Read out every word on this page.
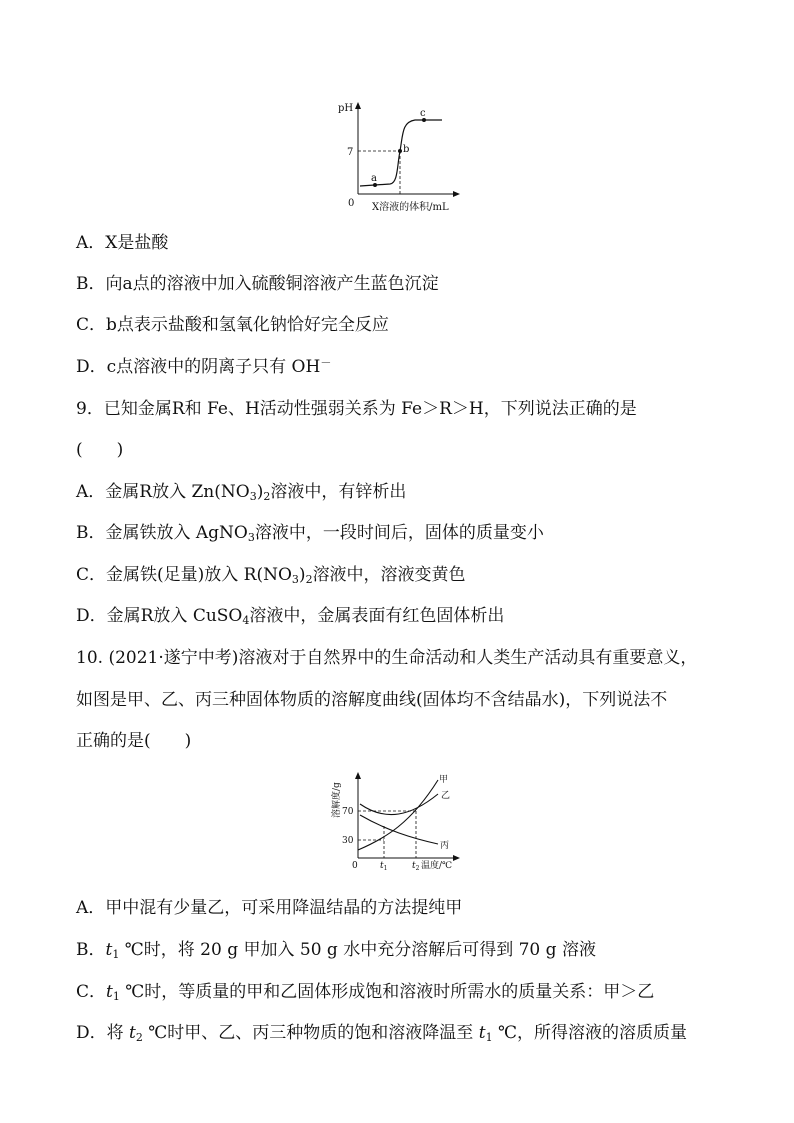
pH
7
0 X溶液的体积/mL
a
b
c
A．X是盐酸
B．向a点的溶液中加入硫酸铜溶液产生蓝色沉淀
C．b点表示盐酸和氢氧化钠恰好完全反应
D．c点溶液中的阴离子只有 OH－
9．已知金属R和 Fe、H活动性强弱关系为 Fe＞R＞H，下列说法正确的是
(　　)
A．金属R放入 $Zn(NO_3)_2$溶液中，有锌析出
B．金属铁放入 AgNO$_3$溶液中，一段时间后，固体的质量变小
C．金属铁(足量)放入 $R(NO_3)_2$溶液中，溶液变黄色
D．金属R放入 CuSO$_4$溶液中，金属表面有红色固体析出
10. (2021·遂宁中考)溶液对于自然界中的生命活动和人类生产活动具有重要意义，
如图是甲、乙、丙三种固体物质的溶解度曲线(固体均不含结晶水)，下列说法不
正确的是(　　)
溶解度/g 70
30
0 $t_1$	$t_2$ 温度/℃
甲
乙
丙
A．甲中混有少量乙，可采用降温结晶的方法提纯甲
B．$t_1$ ℃时，将 20 g 甲加入 50 g 水中充分溶解后可得到 70 g 溶液
C．$t_1$ ℃时，等质量的甲和乙固体形成饱和溶液时所需水的质量关系：甲＞乙
D．将 $t_2$ ℃时甲、乙、丙三种物质的饱和溶液降温至 $t_1$ ℃，所得溶液的溶质质量
